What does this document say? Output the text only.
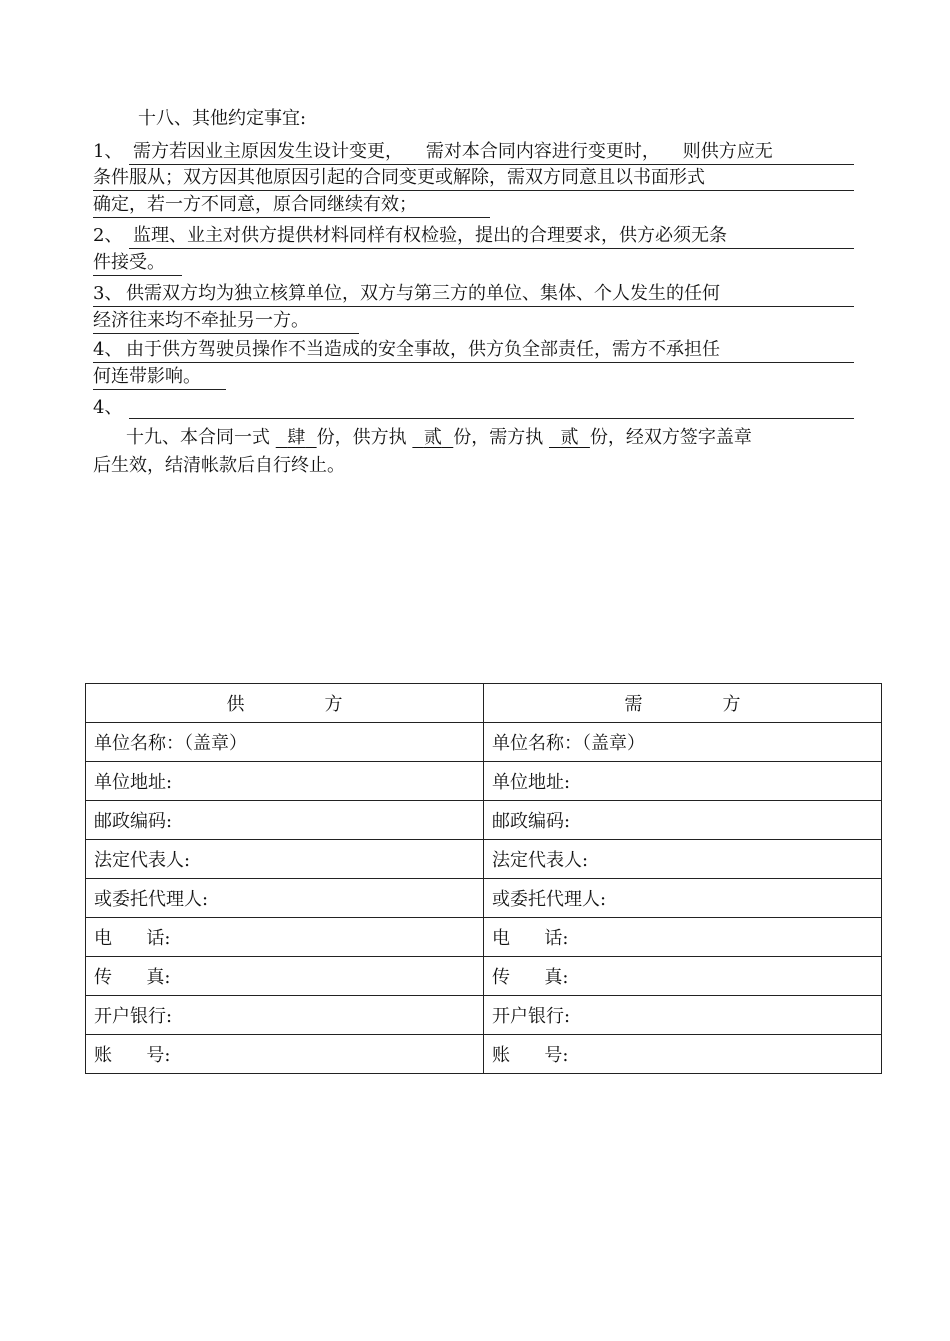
十八、其他约定事宜:
1、 需方若因业主原因发生设计变更，    需对本合同内容进行变更时，    则供方应无
条件服从；双方因其他原因引起的合同变更或解除，需双方同意且以书面形式
确定，若一方不同意，原合同继续有效；
2、 监理、业主对供方提供材料同样有权检验，提出的合理要求，供方必须无条
件接受。
3、 供需双方均为独立核算单位，双方与第三方的单位、集体、个人发生的任何
经济往来均不牵扯另一方。
4、 由于供方驾驶员操作不当造成的安全事故，供方负全部责任，需方不承担任
何连带影响。
4、
十九、本合同一式   肆 份，供方执   贰 份，需方执   贰 份，经双方签字盖章
后生效，结清帐款后自行终止。
供              方	需              方
单位名称：（盖章）	单位名称：（盖章）
单位地址:	单位地址:
邮政编码:	邮政编码:
法定代表人:	法定代表人:
或委托代理人:	或委托代理人:
电      话:	电      话:
传      真:	传      真:
开户银行:	开户银行:
账      号:	账      号:
